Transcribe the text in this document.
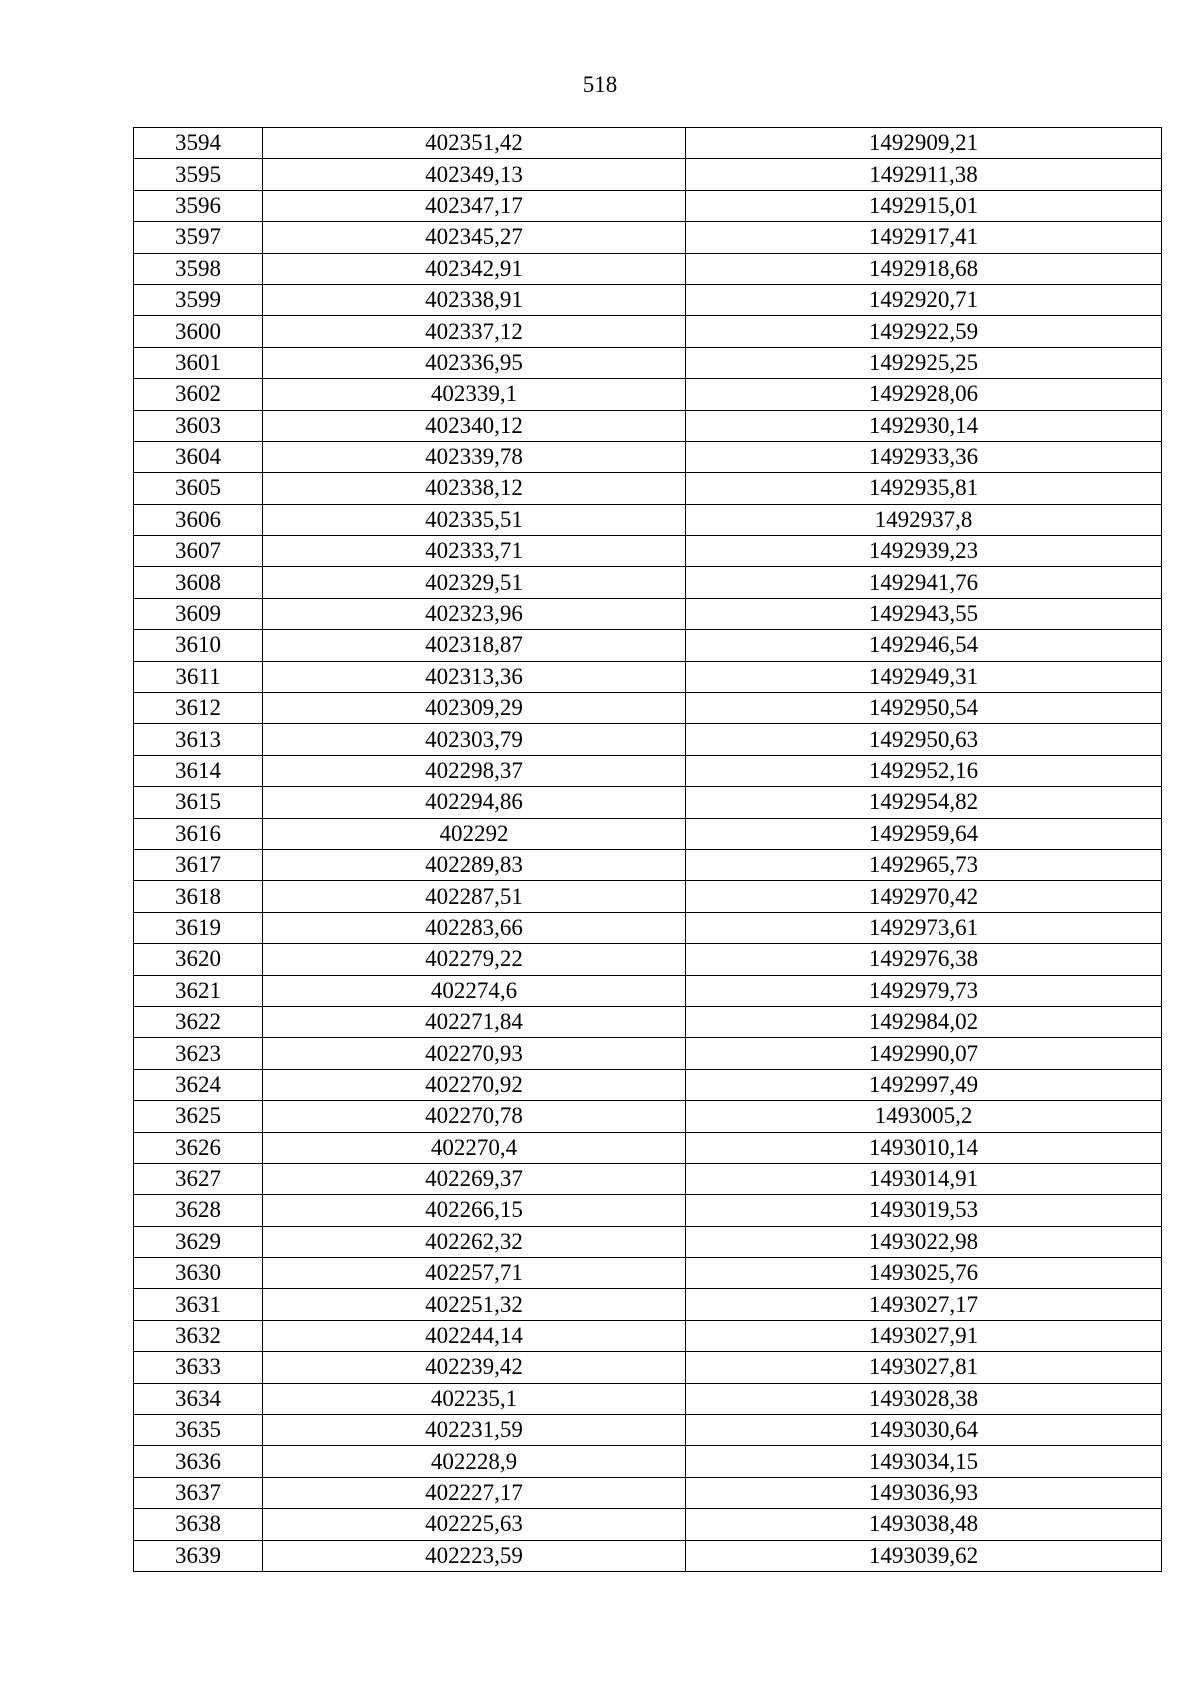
518
3594	402351,42	1492909,21
3595	402349,13	1492911,38
3596	402347,17	1492915,01
3597	402345,27	1492917,41
3598	402342,91	1492918,68
3599	402338,91	1492920,71
3600	402337,12	1492922,59
3601	402336,95	1492925,25
3602	402339,1	1492928,06
3603	402340,12	1492930,14
3604	402339,78	1492933,36
3605	402338,12	1492935,81
3606	402335,51	1492937,8
3607	402333,71	1492939,23
3608	402329,51	1492941,76
3609	402323,96	1492943,55
3610	402318,87	1492946,54
3611	402313,36	1492949,31
3612	402309,29	1492950,54
3613	402303,79	1492950,63
3614	402298,37	1492952,16
3615	402294,86	1492954,82
3616	402292	1492959,64
3617	402289,83	1492965,73
3618	402287,51	1492970,42
3619	402283,66	1492973,61
3620	402279,22	1492976,38
3621	402274,6	1492979,73
3622	402271,84	1492984,02
3623	402270,93	1492990,07
3624	402270,92	1492997,49
3625	402270,78	1493005,2
3626	402270,4	1493010,14
3627	402269,37	1493014,91
3628	402266,15	1493019,53
3629	402262,32	1493022,98
3630	402257,71	1493025,76
3631	402251,32	1493027,17
3632	402244,14	1493027,91
3633	402239,42	1493027,81
3634	402235,1	1493028,38
3635	402231,59	1493030,64
3636	402228,9	1493034,15
3637	402227,17	1493036,93
3638	402225,63	1493038,48
3639	402223,59	1493039,62
